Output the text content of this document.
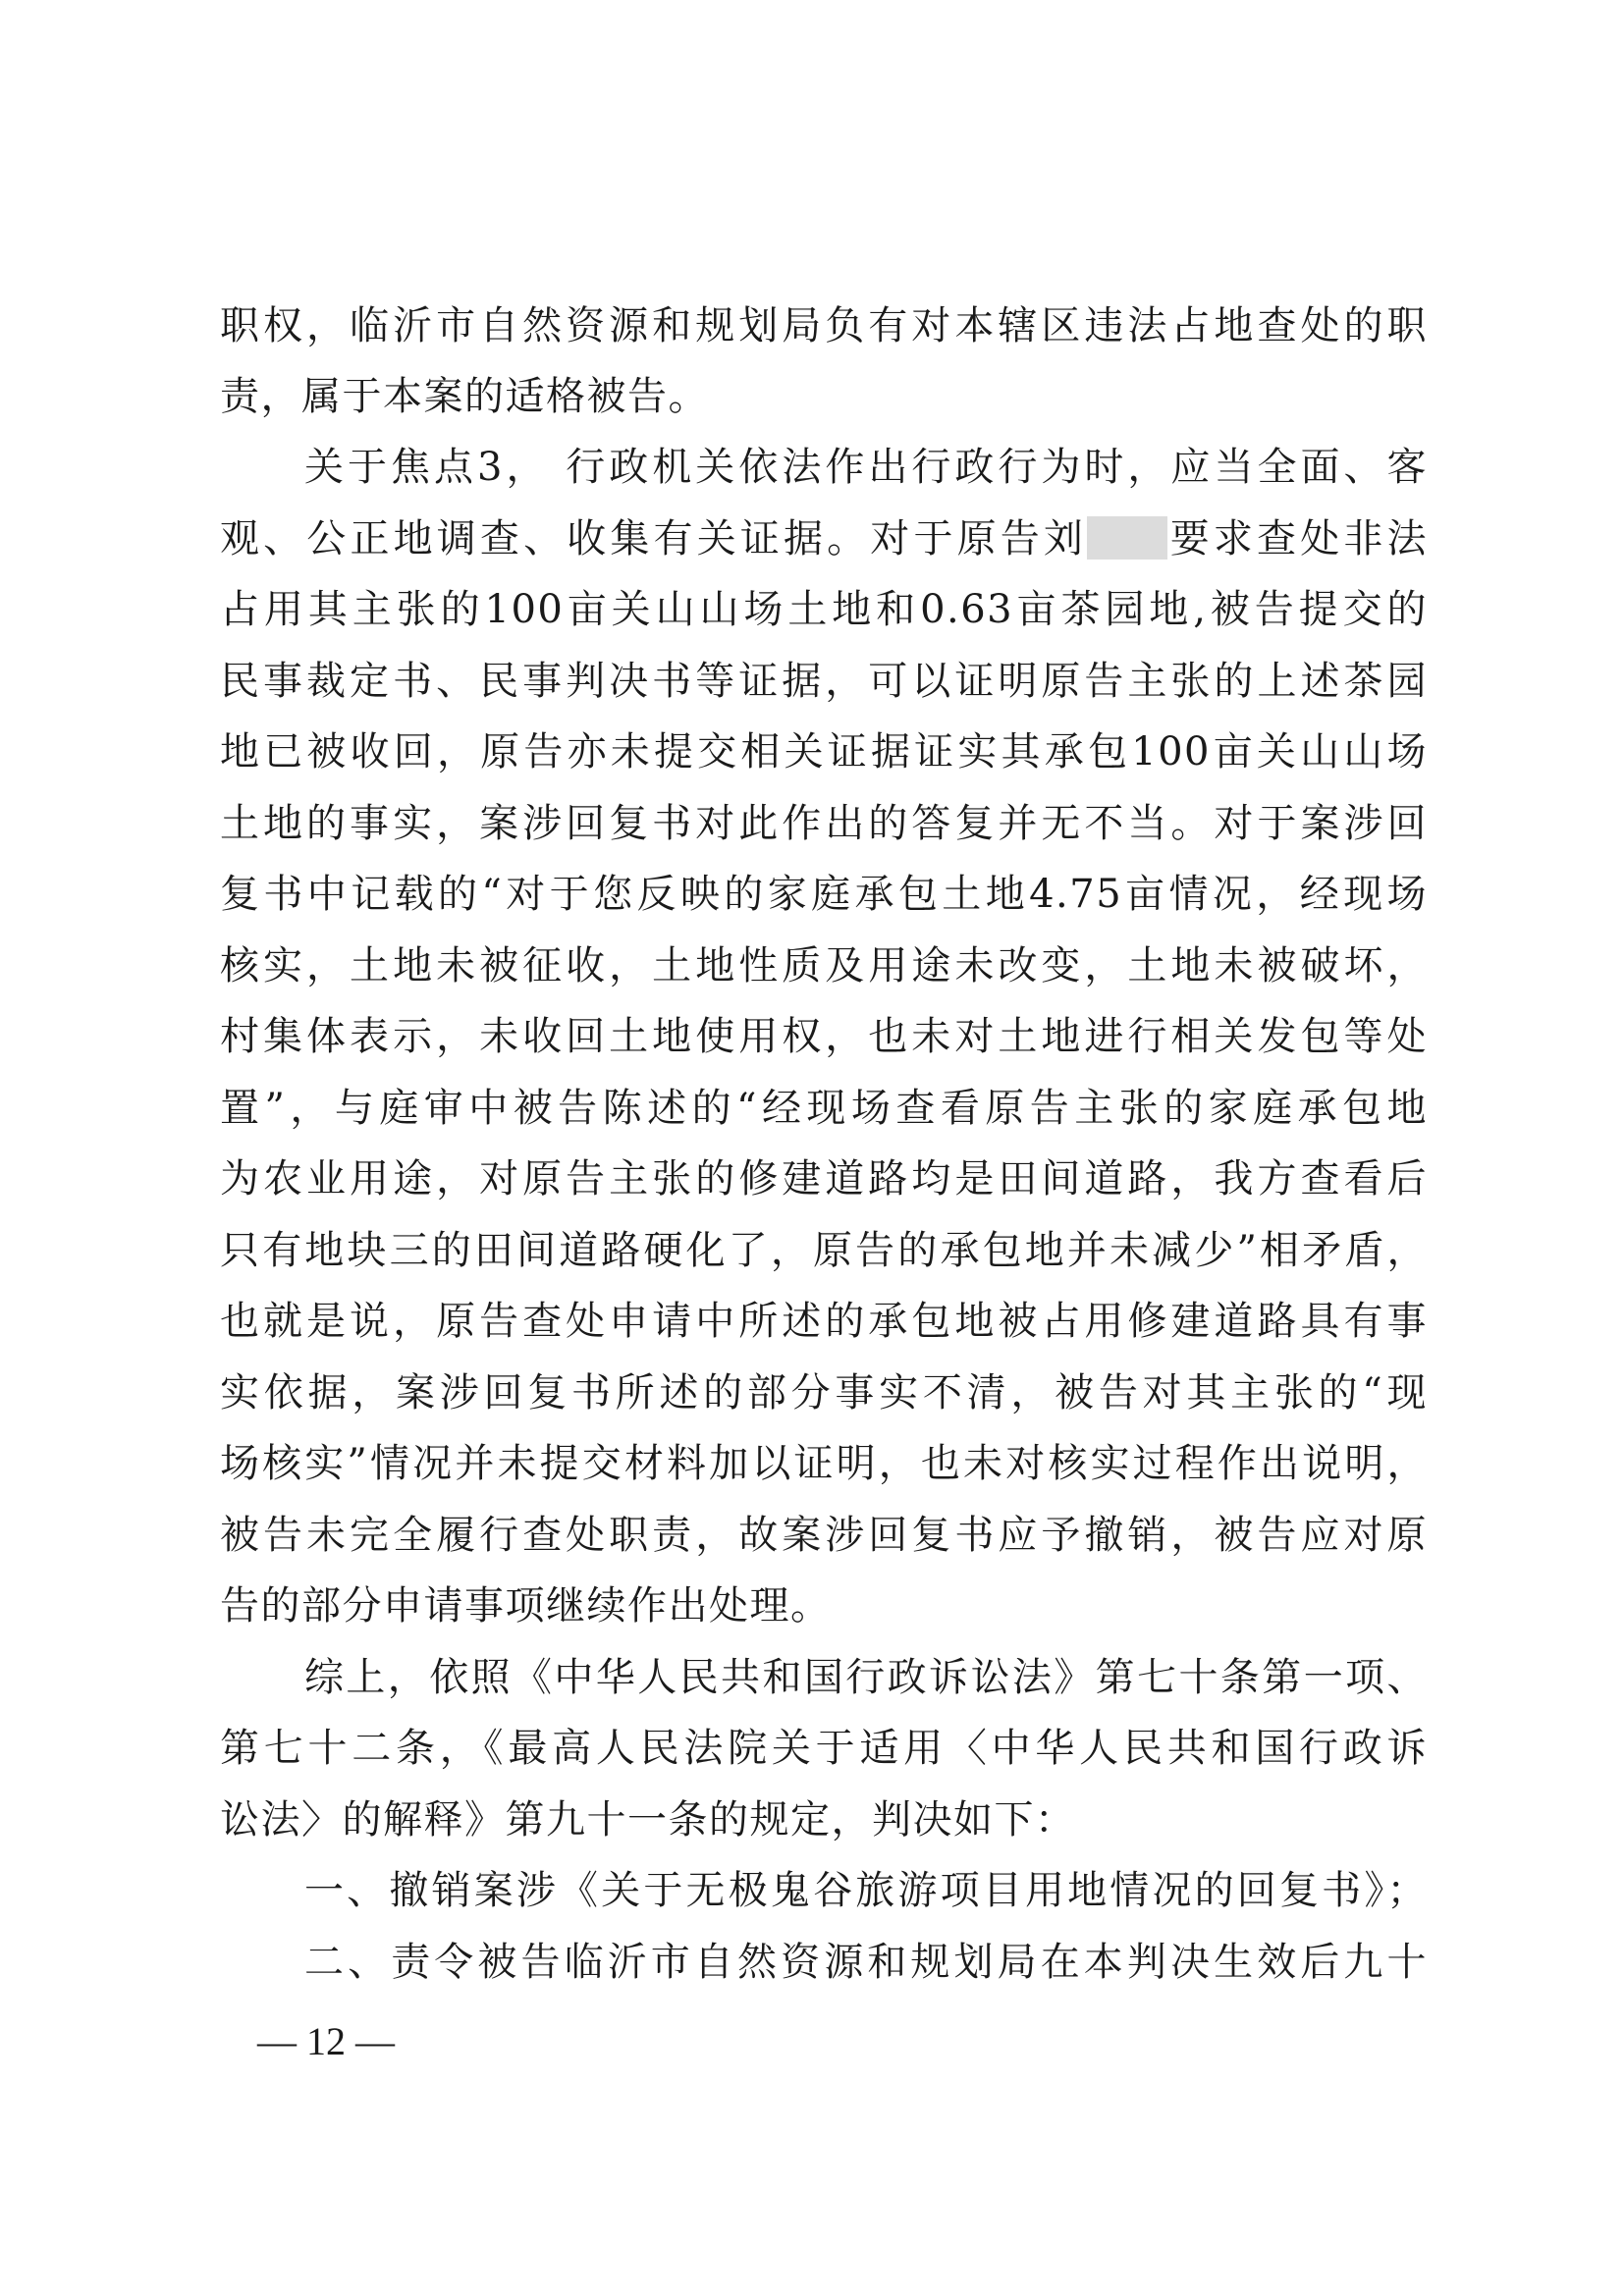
职权，临沂市自然资源和规划局负有对本辖区违法占地查处的职
责，属于本案的适格被告。
关于焦点3， 行政机关依法作出行政行为时，应当全面、客
观、公正地调查、收集有关证据。对于原告刘 要求查处非法
占用其主张的100亩关山山场土地和0.63亩茶园地,被告提交的
民事裁定书、民事判决书等证据，可以证明原告主张的上述茶园
地已被收回，原告亦未提交相关证据证实其承包100亩关山山场
土地的事实，案涉回复书对此作出的答复并无不当。对于案涉回
复书中记载的“对于您反映的家庭承包土地4.75亩情况，经现场
核实，土地未被征收，土地性质及用途未改变，土地未被破坏，
村集体表示，未收回土地使用权，也未对土地进行相关发包等处
置”，与庭审中被告陈述的“经现场查看原告主张的家庭承包地
为农业用途，对原告主张的修建道路均是田间道路，我方查看后
只有地块三的田间道路硬化了，原告的承包地并未减少”相矛盾，
也就是说，原告查处申请中所述的承包地被占用修建道路具有事
实依据，案涉回复书所述的部分事实不清，被告对其主张的“现
场核实”情况并未提交材料加以证明，也未对核实过程作出说明，
被告未完全履行查处职责，故案涉回复书应予撤销，被告应对原
告的部分申请事项继续作出处理。
综上，依照《中华人民共和国行政诉讼法》第七十条第一项、
第七十二条，《最高人民法院关于适用〈中华人民共和国行政诉
讼法〉的解释》第九十一条的规定，判决如下：
一、撤销案涉《关于无极鬼谷旅游项目用地情况的回复书》；
二、责令被告临沂市自然资源和规划局在本判决生效后九十
— 12 —
